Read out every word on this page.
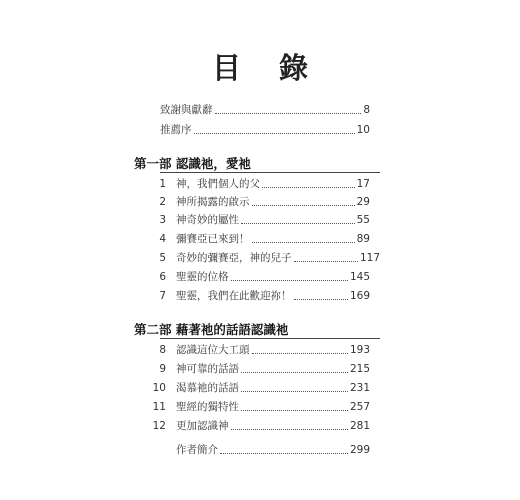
目 錄
致謝與獻辭	8
推薦序	10
第一部 認識祂，愛祂
1 神，我們個人的父	17
2 神所揭露的啟示	29
3 神奇妙的屬性	55
4 彌賽亞已來到！	89
5 奇妙的彌賽亞，神的兒子	117
6 聖靈的位格	145
7 聖靈，我們在此歡迎祢！	169
第二部 藉著祂的話語認識祂
8 認識這位大工頭	193
9 神可靠的話語	215
10 渴慕祂的話語	231
11 聖經的獨特性	257
12 更加認識神	281
作者簡介	299
